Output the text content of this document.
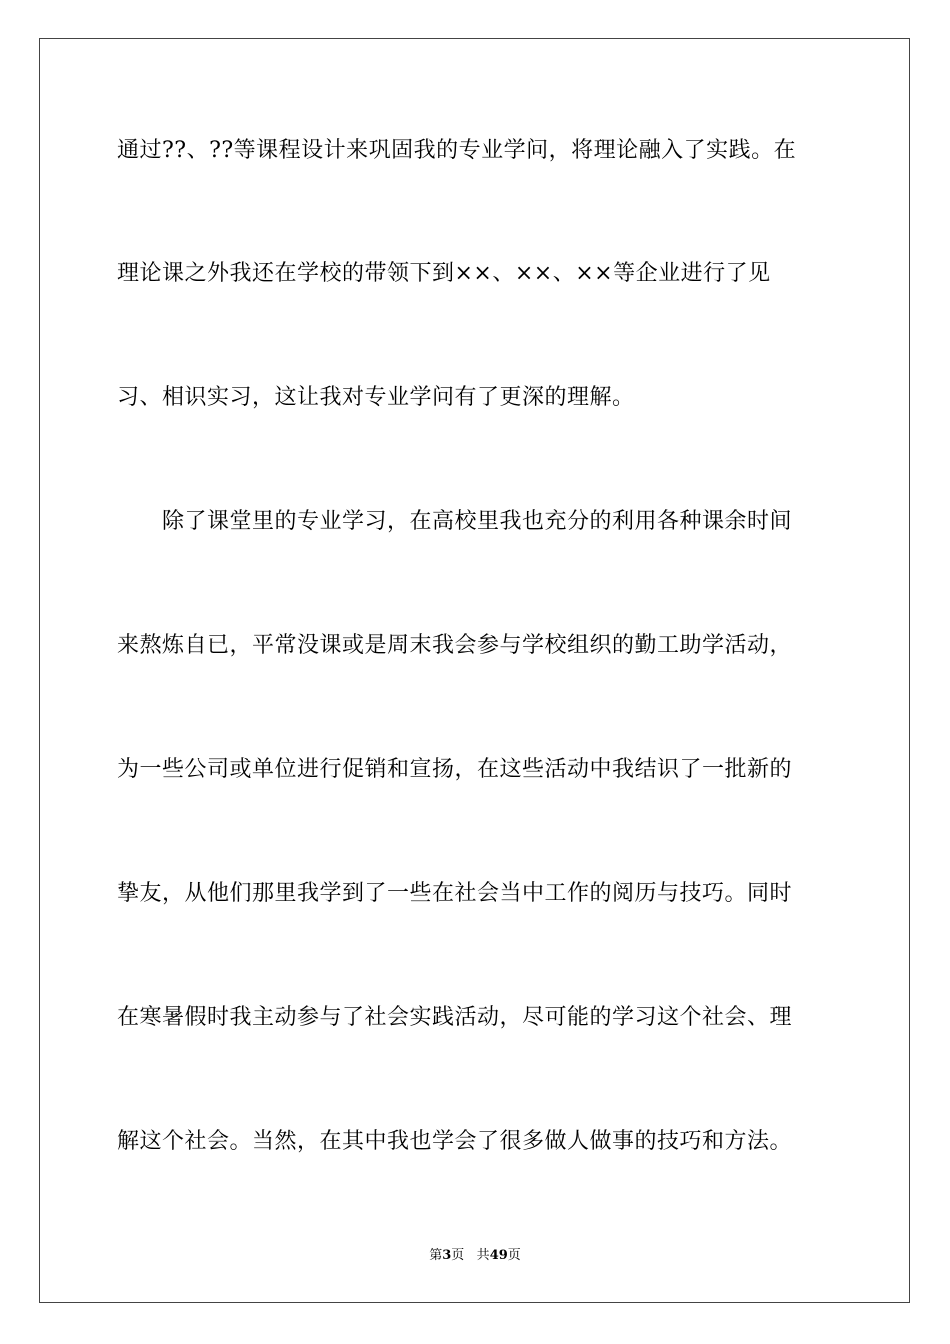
通过??、??等课程设计来巩固我的专业学问，将理论融入了实践。在
理论课之外我还在学校的带领下到××、××、××等企业进行了见
习、相识实习，这让我对专业学问有了更深的理解。
除了课堂里的专业学习，在高校里我也充分的利用各种课余时间
来熬炼自已，平常没课或是周末我会参与学校组织的勤工助学活动，
为一些公司或单位进行促销和宣扬，在这些活动中我结识了一批新的
挚友，从他们那里我学到了一些在社会当中工作的阅历与技巧。同时
在寒暑假时我主动参与了社会实践活动，尽可能的学习这个社会、理
解这个社会。当然，在其中我也学会了很多做人做事的技巧和方法。
第3页 共49页
